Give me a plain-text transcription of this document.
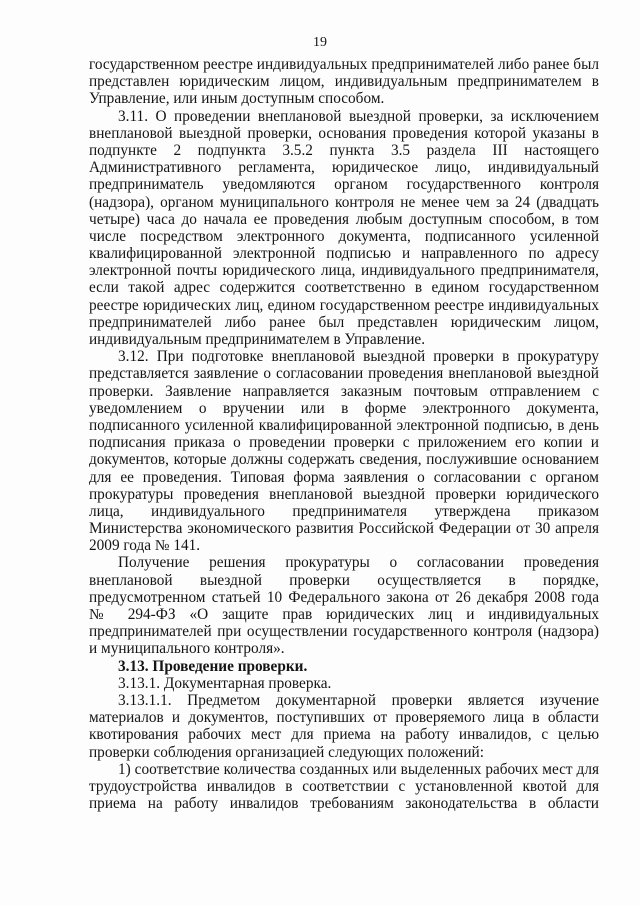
19
государственном реестре индивидуальных предпринимателей либо ранее был
представлен юридическим лицом, индивидуальным предпринимателем в
Управление, или иным доступным способом.
3.11. О проведении внеплановой выездной проверки, за исключением
внеплановой выездной проверки, основания проведения которой указаны в
подпункте 2 подпункта 3.5.2 пункта 3.5 раздела III настоящего
Административного регламента, юридическое лицо, индивидуальный
предприниматель уведомляются органом государственного контроля
(надзора), органом муниципального контроля не менее чем за 24 (двадцать
четыре) часа до начала ее проведения любым доступным способом, в том
числе посредством электронного документа, подписанного усиленной
квалифицированной электронной подписью и направленного по адресу
электронной почты юридического лица, индивидуального предпринимателя,
если такой адрес содержится соответственно в едином государственном
реестре юридических лиц, едином государственном реестре индивидуальных
предпринимателей либо ранее был представлен юридическим лицом,
индивидуальным предпринимателем в Управление.
3.12. При подготовке внеплановой выездной проверки в прокуратуру
представляется заявление о согласовании проведения внеплановой выездной
проверки. Заявление направляется заказным почтовым отправлением с
уведомлением о вручении или в форме электронного документа,
подписанного усиленной квалифицированной электронной подписью, в день
подписания приказа о проведении проверки с приложением его копии и
документов, которые должны содержать сведения, послужившие основанием
для ее проведения. Типовая форма заявления о согласовании с органом
прокуратуры проведения внеплановой выездной проверки юридического
лица, индивидуального предпринимателя утверждена приказом
Министерства экономического развития Российской Федерации от 30 апреля
2009 года № 141.
Получение решения прокуратуры о согласовании проведения
внеплановой выездной проверки осуществляется в порядке,
предусмотренном статьей 10 Федерального закона от 26 декабря 2008 года
№ 294-ФЗ «О защите прав юридических лиц и индивидуальных
предпринимателей при осуществлении государственного контроля (надзора)
и муниципального контроля».
3.13. Проведение проверки.
3.13.1. Документарная проверка.
3.13.1.1. Предметом документарной проверки является изучение
материалов и документов, поступивших от проверяемого лица в области
квотирования рабочих мест для приема на работу инвалидов, с целью
проверки соблюдения организацией следующих положений:
1) соответствие количества созданных или выделенных рабочих мест для
трудоустройства инвалидов в соответствии с установленной квотой для
приема на работу инвалидов требованиям законодательства в области
